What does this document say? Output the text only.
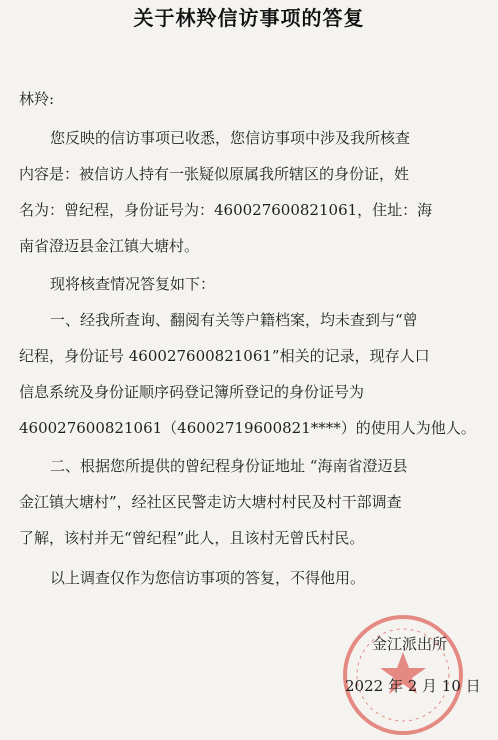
关于林羚信访事项的答复
林羚:
您反映的信访事项已收悉，您信访事项中涉及我所核查
内容是：被信访人持有一张疑似原属我所辖区的身份证，姓
名为：曾纪程，身份证号为：460027600821061，住址：海
南省澄迈县金江镇大塘村。
现将核查情况答复如下：
一、经我所查询、翻阅有关等户籍档案，均未查到与“曾
纪程，身份证号 460027600821061”相关的记录，现存人口
信息系统及身份证顺序码登记簿所登记的身份证号为
460027600821061（46002719600821****）的使用人为他人。
二、根据您所提供的曾纪程身份证地址 “海南省澄迈县
金江镇大塘村”，经社区民警走访大塘村村民及村干部调查
了解，该村并无“曾纪程”此人，且该村无曾氏村民。
以上调查仅作为您信访事项的答复，不得他用。
金江派出所
2022 年 2 月 10 日
